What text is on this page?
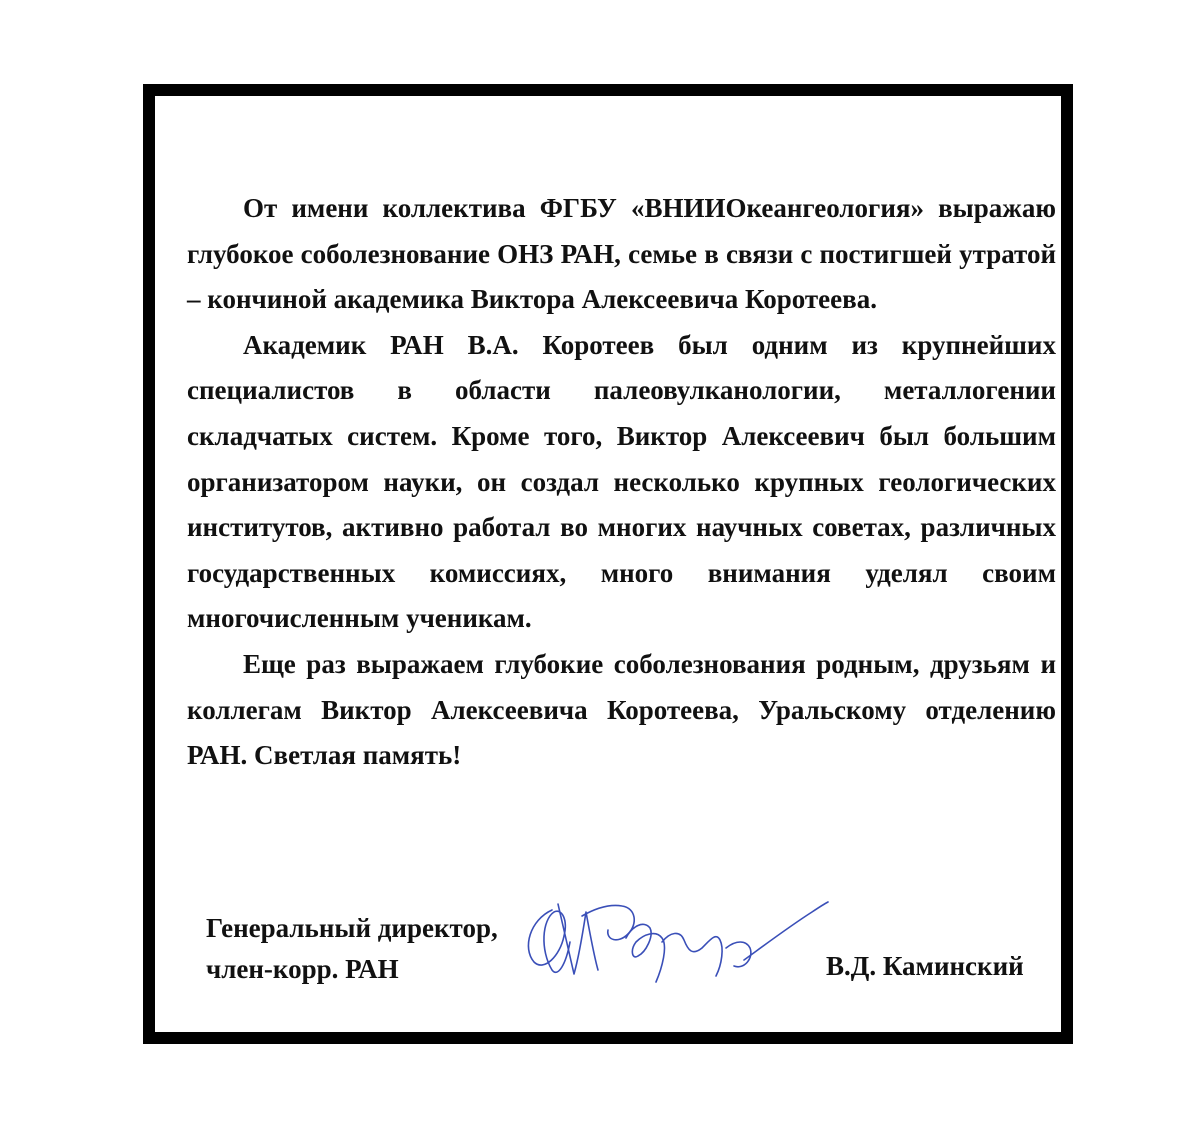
От имени коллектива ФГБУ «ВНИИОкеангеология» выражаю глубокое соболезнование ОНЗ РАН, семье в связи с постигшей утратой – кончиной академика Виктора Алексеевича Коротеева.

Академик РАН В.А. Коротеев был одним из крупнейших специалистов в области палеовулканологии, металлогении складчатых систем. Кроме того, Виктор Алексеевич был большим организатором науки, он создал несколько крупных геологических институтов, активно работал во многих научных советах, различных государственных комиссиях, много внимания уделял своим многочисленным ученикам.

Еще раз выражаем глубокие соболезнования родным, друзьям и коллегам Виктор Алексеевича Коротеева, Уральскому отделению РАН. Светлая память!

Генеральный директор,
член-корр. РАН	В.Д. Каминский
